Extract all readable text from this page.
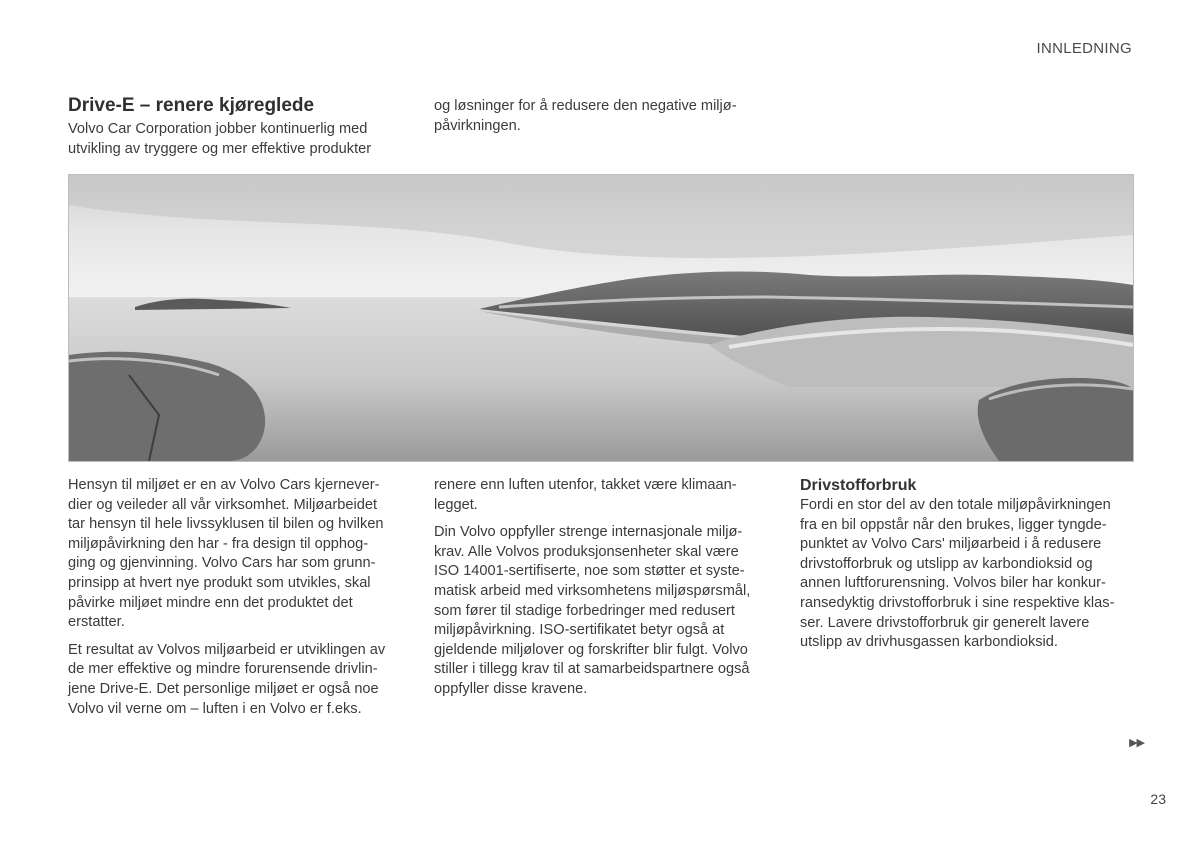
INNLEDNING
Drive-E – renere kjøreglede
Volvo Car Corporation jobber kontinuerlig med
utvikling av tryggere og mer effektive produkter
og løsninger for å redusere den negative miljø-
påvirkningen.

Hensyn til miljøet er en av Volvo Cars kjernever-
dier og veileder all vår virksomhet. Miljøarbeidet
tar hensyn til hele livssyklusen til bilen og hvilken
miljøpåvirkning den har - fra design til opphog-
ging og gjenvinning. Volvo Cars har som grunn-
prinsipp at hvert nye produkt som utvikles, skal
påvirke miljøet mindre enn det produktet det
erstatter.

Et resultat av Volvos miljøarbeid er utviklingen av
de mer effektive og mindre forurensende drivlin-
jene Drive-E. Det personlige miljøet er også noe
Volvo vil verne om – luften i en Volvo er f.eks.

renere enn luften utenfor, takket være klimaan-
legget.

Din Volvo oppfyller strenge internasjonale miljø-
krav. Alle Volvos produksjonsenheter skal være
ISO 14001-sertifiserte, noe som støtter et syste-
matisk arbeid med virksomhetens miljøspørsmål,
som fører til stadige forbedringer med redusert
miljøpåvirkning. ISO-sertifikatet betyr også at
gjeldende miljølover og forskrifter blir fulgt. Volvo
stiller i tillegg krav til at samarbeidspartnere også
oppfyller disse kravene.

Drivstofforbruk

Fordi en stor del av den totale miljøpåvirkningen
fra en bil oppstår når den brukes, ligger tyngde-
punktet av Volvo Cars' miljøarbeid i å redusere
drivstofforbruk og utslipp av karbondioksid og
annen luftforurensning. Volvos biler har konkur-
ransedyktig drivstofforbruk i sine respektive klas-
ser. Lavere drivstofforbruk gir generelt lavere
utslipp av drivhusgassen karbondioksid.

▶▶
23
